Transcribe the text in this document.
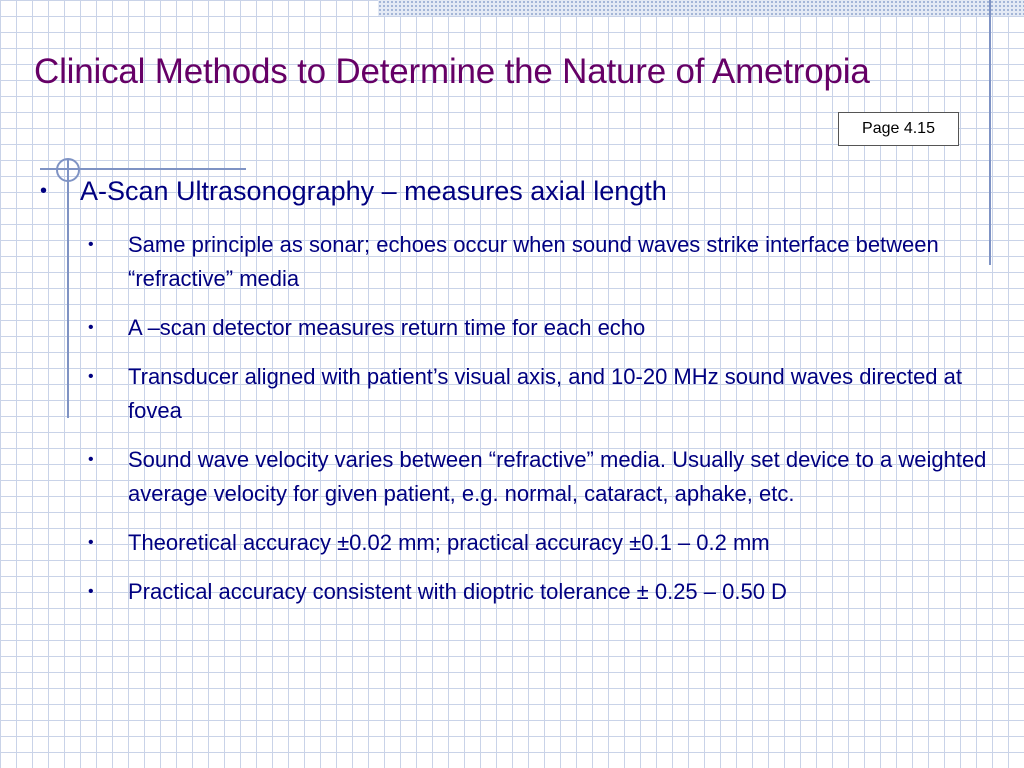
Clinical Methods to Determine the Nature of Ametropia
Page 4.15
• A-Scan Ultrasonography – measures axial length
• Same principle as sonar; echoes occur when sound waves strike interface between “refractive” media
• A –scan detector measures return time for each echo
• Transducer aligned with patient’s visual axis, and 10-20 MHz sound waves directed at fovea
• Sound wave velocity varies between “refractive” media. Usually set device to a weighted average velocity for given patient, e.g. normal, cataract, aphake, etc.
• Theoretical accuracy ±0.02 mm; practical accuracy ±0.1 – 0.2 mm
• Practical accuracy consistent with dioptric tolerance ± 0.25 – 0.50 D
